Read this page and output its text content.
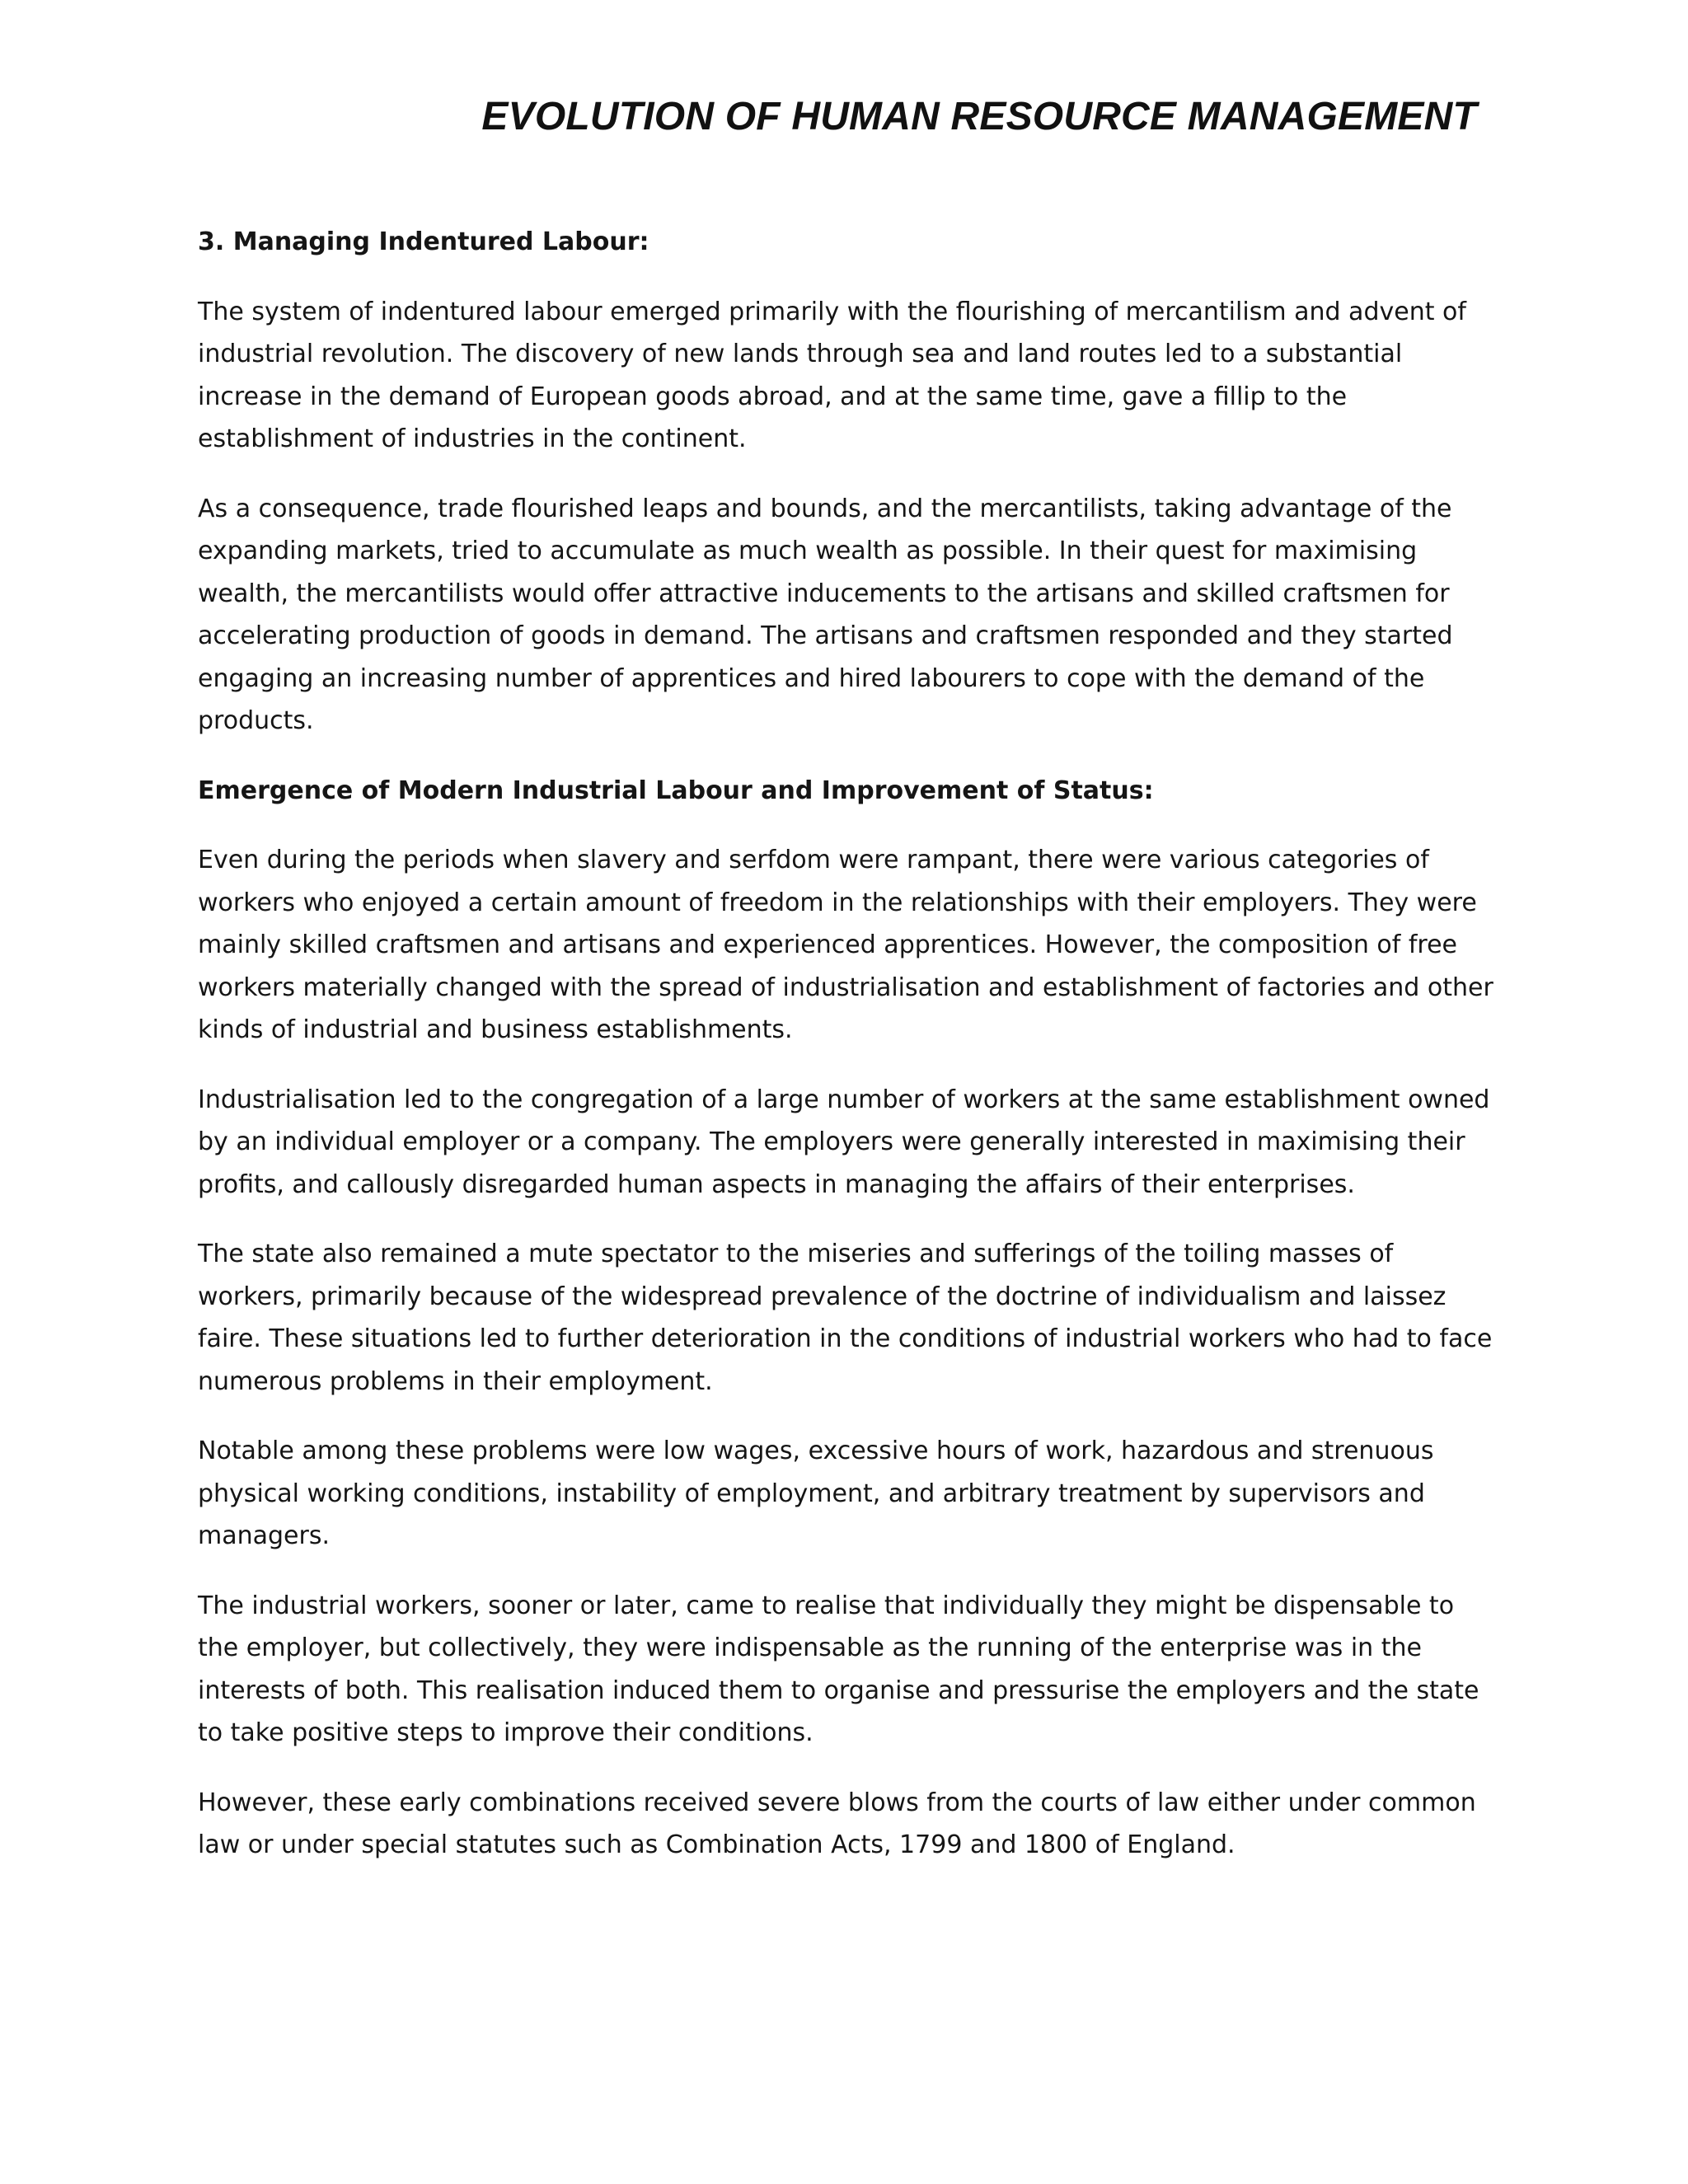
EVOLUTION OF HUMAN RESOURCE MANAGEMENT
3. Managing Indentured Labour:

The system of indentured labour emerged primarily with the flourishing of mercantilism and advent of industrial revolution. The discovery of new lands through sea and land routes led to a substantial increase in the demand of European goods abroad, and at the same time, gave a fillip to the establishment of industries in the continent.

As a consequence, trade flourished leaps and bounds, and the mercantilists, taking advantage of the expanding markets, tried to accumulate as much wealth as possible. In their quest for maximising wealth, the mercantilists would offer attractive inducements to the artisans and skilled craftsmen for accelerating production of goods in demand. The artisans and craftsmen responded and they started engaging an increasing number of apprentices and hired labourers to cope with the demand of the products.

Emergence of Modern Industrial Labour and Improvement of Status:

Even during the periods when slavery and serfdom were rampant, there were various categories of workers who enjoyed a certain amount of freedom in the relationships with their employers. They were mainly skilled craftsmen and artisans and experienced apprentices. However, the composition of free workers materially changed with the spread of industrialisation and establishment of factories and other kinds of industrial and business establishments.

Industrialisation led to the congregation of a large number of workers at the same establishment owned by an individual employer or a company. The employers were generally interested in maximising their profits, and callously disregarded human aspects in managing the affairs of their enterprises.

The state also remained a mute spectator to the miseries and sufferings of the toiling masses of workers, primarily because of the widespread prevalence of the doctrine of individualism and laissez faire. These situations led to further deterioration in the conditions of industrial workers who had to face numerous problems in their employment.

Notable among these problems were low wages, excessive hours of work, hazardous and strenuous physical working conditions, instability of employment, and arbitrary treatment by supervisors and managers.

The industrial workers, sooner or later, came to realise that individually they might be dispensable to the employer, but collectively, they were indispensable as the running of the enterprise was in the interests of both. This realisation induced them to organise and pressurise the employers and the state to take positive steps to improve their conditions.

However, these early combinations received severe blows from the courts of law either under common law or under special statutes such as Combination Acts, 1799 and 1800 of England.
